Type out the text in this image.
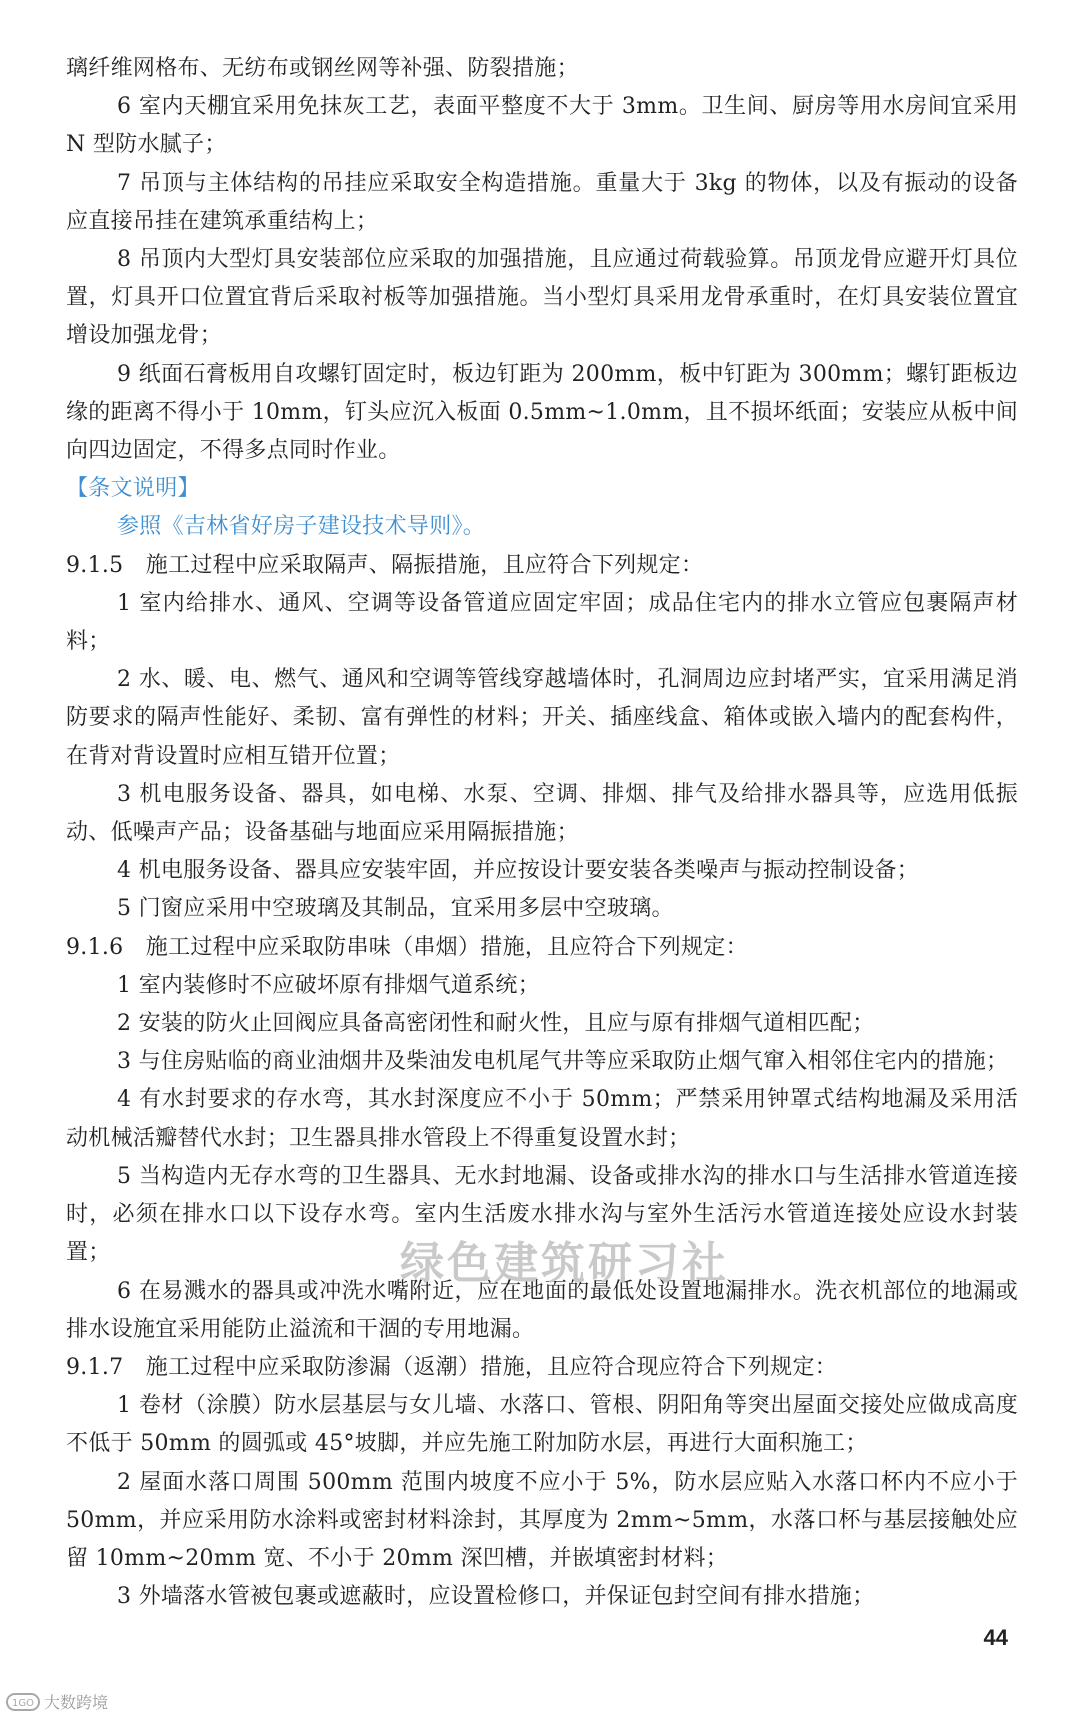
璃纤维网格布、无纺布或钢丝网等补强、防裂措施；

6 室内天棚宜采用免抹灰工艺，表面平整度不大于 3mm。卫生间、厨房等用水房间宜采用 N 型防水腻子；

7 吊顶与主体结构的吊挂应采取安全构造措施。重量大于 3kg 的物体，以及有振动的设备应直接吊挂在建筑承重结构上；

8 吊顶内大型灯具安装部位应采取的加强措施，且应通过荷载验算。吊顶龙骨应避开灯具位置，灯具开口位置宜背后采取衬板等加强措施。当小型灯具采用龙骨承重时，在灯具安装位置宜增设加强龙骨；

9 纸面石膏板用自攻螺钉固定时，板边钉距为 200mm，板中钉距为 300mm；螺钉距板边缘的距离不得小于 10mm，钉头应沉入板面 0.5mm~1.0mm，且不损坏纸面；安装应从板中间向四边固定，不得多点同时作业。

【条文说明】

参照《吉林省好房子建设技术导则》。

9.1.5　施工过程中应采取隔声、隔振措施，且应符合下列规定：

1 室内给排水、通风、空调等设备管道应固定牢固；成品住宅内的排水立管应包裹隔声材料；

2 水、暖、电、燃气、通风和空调等管线穿越墙体时，孔洞周边应封堵严实，宜采用满足消防要求的隔声性能好、柔韧、富有弹性的材料；开关、插座线盒、箱体或嵌入墙内的配套构件，在背对背设置时应相互错开位置；

3 机电服务设备、器具，如电梯、水泵、空调、排烟、排气及给排水器具等，应选用低振动、低噪声产品；设备基础与地面应采用隔振措施；

4 机电服务设备、器具应安装牢固，并应按设计要安装各类噪声与振动控制设备；

5 门窗应采用中空玻璃及其制品，宜采用多层中空玻璃。

9.1.6　施工过程中应采取防串味（串烟）措施，且应符合下列规定：

1 室内装修时不应破坏原有排烟气道系统；

2 安装的防火止回阀应具备高密闭性和耐火性，且应与原有排烟气道相匹配；

3 与住房贴临的商业油烟井及柴油发电机尾气井等应采取防止烟气窜入相邻住宅内的措施；

4 有水封要求的存水弯，其水封深度应不小于 50mm；严禁采用钟罩式结构地漏及采用活动机械活瓣替代水封；卫生器具排水管段上不得重复设置水封；

5 当构造内无存水弯的卫生器具、无水封地漏、设备或排水沟的排水口与生活排水管道连接时，必须在排水口以下设存水弯。室内生活废水排水沟与室外生活污水管道连接处应设水封装置；

6 在易溅水的器具或冲洗水嘴附近，应在地面的最低处设置地漏排水。洗衣机部位的地漏或排水设施宜采用能防止溢流和干涸的专用地漏。

9.1.7　施工过程中应采取防渗漏（返潮）措施，且应符合现应符合下列规定：

1 卷材（涂膜）防水层基层与女儿墙、水落口、管根、阴阳角等突出屋面交接处应做成高度不低于 50mm 的圆弧或 45°坡脚，并应先施工附加防水层，再进行大面积施工；

2 屋面水落口周围 500mm 范围内坡度不应小于 5%，防水层应贴入水落口杯内不应小于 50mm，并应采用防水涂料或密封材料涂封，其厚度为 2mm~5mm，水落口杯与基层接触处应留 10mm~20mm 宽、不小于 20mm 深凹槽，并嵌填密封材料；

3 外墙落水管被包裹或遮蔽时，应设置检修口，并保证包封空间有排水措施；

绿色建筑研习社
44
1GO 大数跨境
